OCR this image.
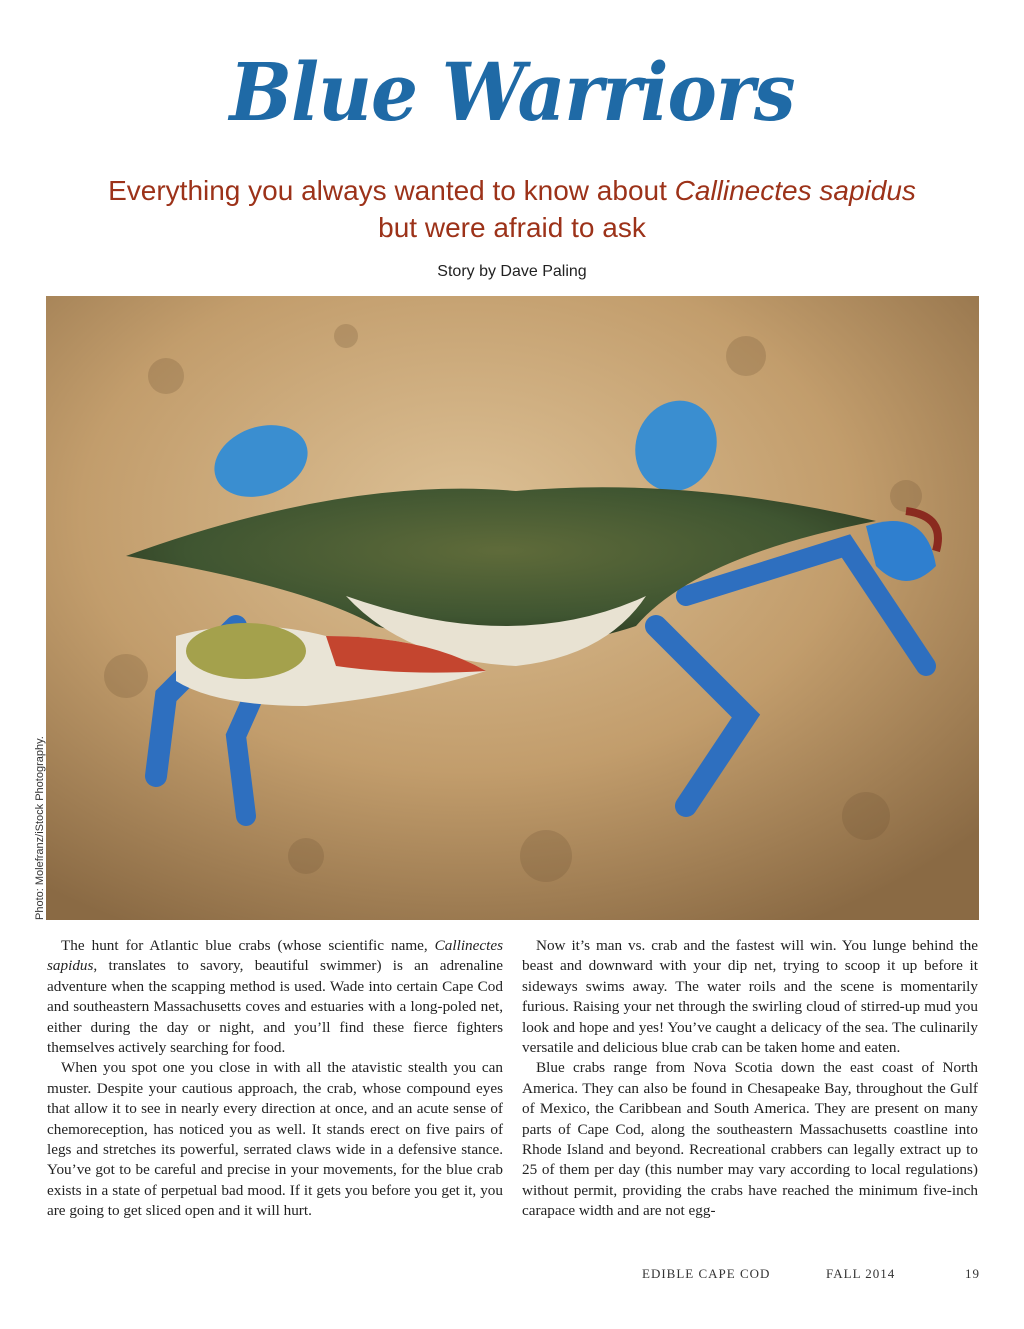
Blue Warriors
Everything you always wanted to know about Callinectes sapidus
but were afraid to ask
Story by Dave Paling
Photo: Molefranz/iStock Photography.

The hunt for Atlantic blue crabs (whose scientific name, Callinectes sapidus, translates to savory, beautiful swimmer) is an adrenaline adventure when the scapping method is used. Wade into certain Cape Cod and southeastern Massachusetts coves and estuaries with a long-poled net, either during the day or night, and you’ll find these fierce fighters themselves actively searching for food.

When you spot one you close in with all the atavistic stealth you can muster. Despite your cautious approach, the crab, whose compound eyes that allow it to see in nearly every direction at once, and an acute sense of chemoreception, has noticed you as well. It stands erect on five pairs of legs and stretches its powerful, serrated claws wide in a defensive stance. You’ve got to be careful and precise in your movements, for the blue crab exists in a state of perpetual bad mood. If it gets you before you get it, you are going to get sliced open and it will hurt.

Now it’s man vs. crab and the fastest will win. You lunge behind the beast and downward with your dip net, trying to scoop it up before it sideways swims away. The water roils and the scene is momentarily furious. Raising your net through the swirling cloud of stirred-up mud you look and hope and yes! You’ve caught a delicacy of the sea. The culinarily versatile and delicious blue crab can be taken home and eaten.

Blue crabs range from Nova Scotia down the east coast of North America. They can also be found in Chesapeake Bay, throughout the Gulf of Mexico, the Caribbean and South America. They are present on many parts of Cape Cod, along the southeastern Massachusetts coastline into Rhode Island and beyond. Recreational crabbers can legally extract up to 25 of them per day (this number may vary according to local regulations) without permit, providing the crabs have reached the minimum five-inch carapace width and are not egg-

EDIBLE CAPE COD	FALL 2014	19
